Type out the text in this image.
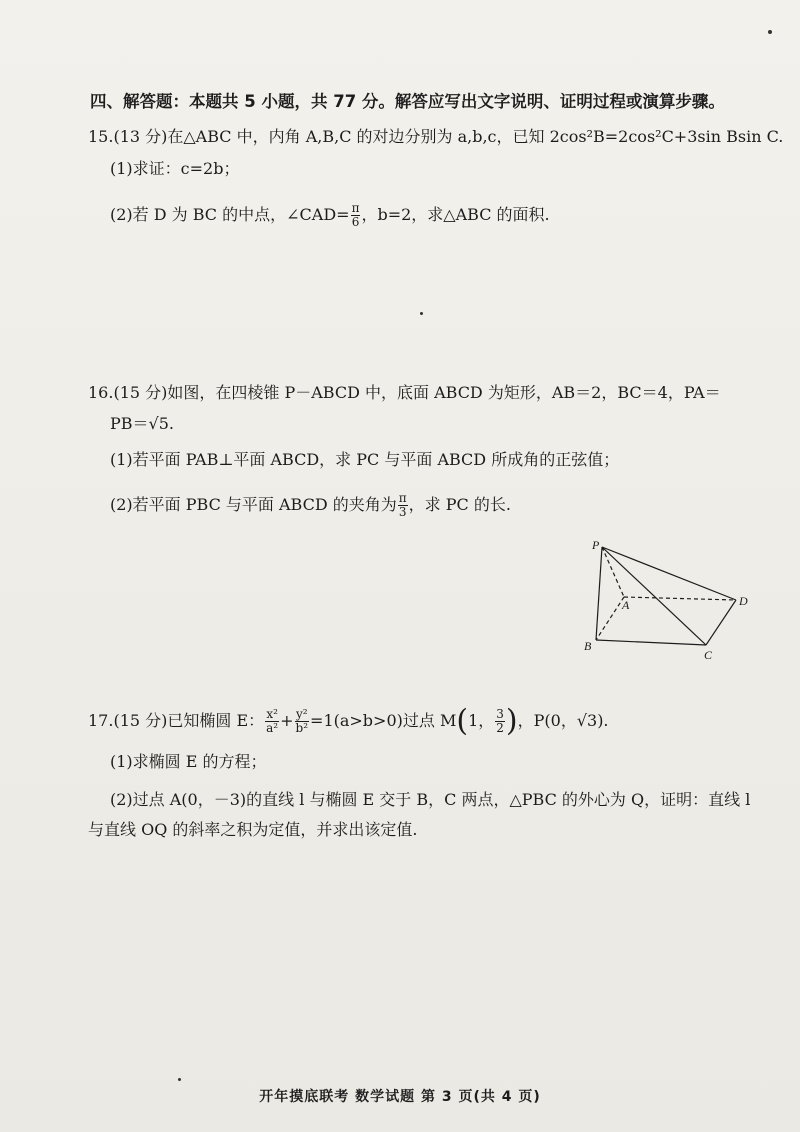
四、解答题：本题共 5 小题，共 77 分。解答应写出文字说明、证明过程或演算步骤。
15.(13 分)在△ABC 中，内角 A,B,C 的对边分别为 a,b,c，已知 2cos²B=2cos²C+3sin Bsin C.
(1)求证：c=2b；
(2)若 D 为 BC 的中点，∠CAD= $\frac{\pi}{6}$ ，b=2，求△ABC 的面积.
16.(15 分)如图，在四棱锥 P－ABCD 中，底面 ABCD 为矩形，AB＝2，BC＝4，PA＝
PB＝√5.
(1)若平面 PAB⊥平面 ABCD，求 PC 与平面 ABCD 所成角的正弦值；
(2)若平面 PBC 与平面 ABCD 的夹角为 $\frac{\pi}{3}$ ，求 PC 的长.
P
A
B
C
D
17.(15 分)已知椭圆 E： $\frac{\text{x²}}{\text{a²}} + \frac{\text{y²}}{\text{b²}} =1(a>b>0)$过点 M(1， $\frac{3}{2}$ )，P(0，√3).
(1)求椭圆 E 的方程；
(2)过点 A(0，－3)的直线 l 与椭圆 E 交于 B，C 两点，△PBC 的外心为 Q，证明：直线 l
与直线 OQ 的斜率之积为定值，并求出该定值.
开年摸底联考 数学试题 第 3 页(共 4 页)
